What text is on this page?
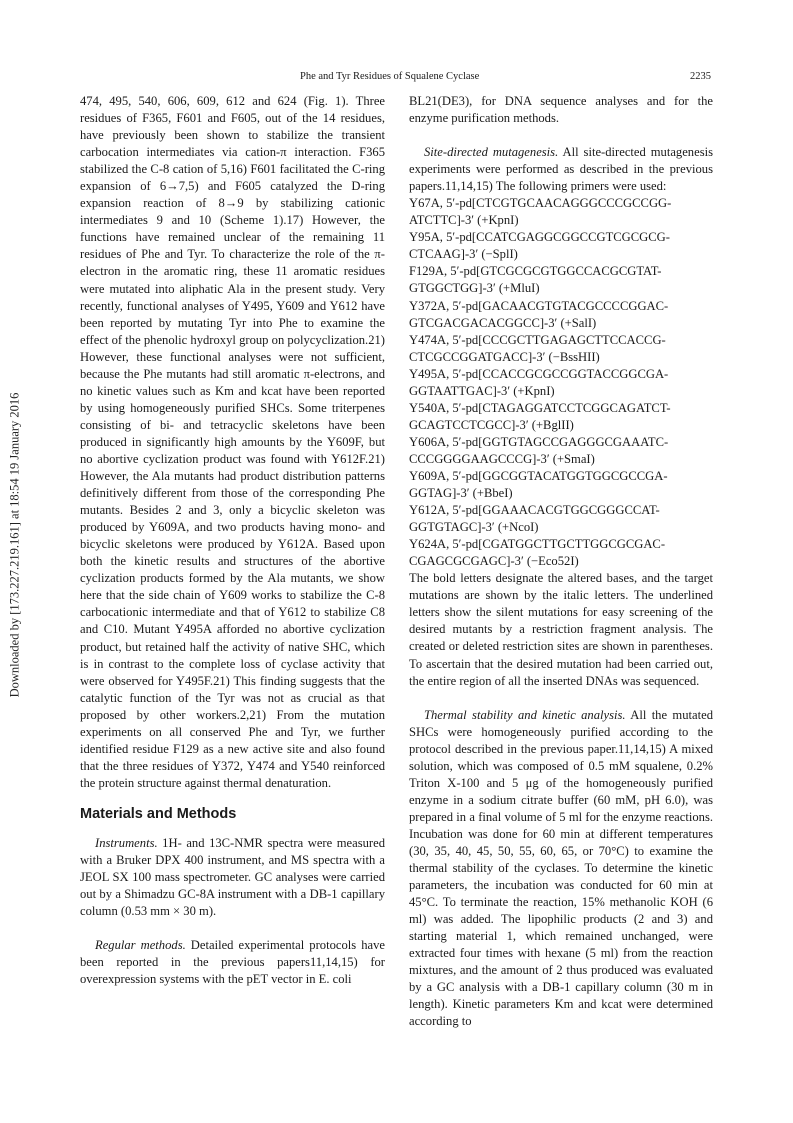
Phe and Tyr Residues of Squalene Cyclase	2235
Downloaded by [173.227.219.161] at 18:54 19 January 2016

474, 495, 540, 606, 609, 612 and 624 (Fig. 1). Three residues of F365, F601 and F605, out of the 14 residues, have previously been shown to stabilize the transient carbocation intermediates via cation-π interaction. F365 stabilized the C-8 cation of 5,16) F601 facilitated the C-ring expansion of 6→7,5) and F605 catalyzed the D-ring expansion reaction of 8→9 by stabilizing cationic intermediates 9 and 10 (Scheme 1).17) However, the functions have remained unclear of the remaining 11 residues of Phe and Tyr. To characterize the role of the π-electron in the aromatic ring, these 11 aromatic residues were mutated into aliphatic Ala in the present study. Very recently, functional analyses of Y495, Y609 and Y612 have been reported by mutating Tyr into Phe to examine the effect of the phenolic hydroxyl group on polycyclization.21) However, these functional analyses were not sufficient, because the Phe mutants had still aromatic π-electrons, and no kinetic values such as Km and kcat have been reported by using homogeneously purified SHCs. Some triterpenes consisting of bi- and tetracyclic skeletons have been produced in significantly high amounts by the Y609F, but no abortive cyclization product was found with Y612F.21) However, the Ala mutants had product distribution patterns definitively different from those of the corresponding Phe mutants. Besides 2 and 3, only a bicyclic skeleton was produced by Y609A, and two products having mono- and bicyclic skeletons were produced by Y612A. Based upon both the kinetic results and structures of the abortive cyclization products formed by the Ala mutants, we show here that the side chain of Y609 works to stabilize the C-8 carbocationic intermediate and that of Y612 to stabilize C8 and C10. Mutant Y495A afforded no abortive cyclization product, but retained half the activity of native SHC, which is in contrast to the complete loss of cyclase activity that were observed for Y495F.21) This finding suggests that the catalytic function of the Tyr was not as crucial as that proposed by other workers.2,21) From the mutation experiments on all conserved Phe and Tyr, we further identified residue F129 as a new active site and also found that the three residues of Y372, Y474 and Y540 reinforced the protein structure against thermal denaturation.

Materials and Methods

Instruments. 1H- and 13C-NMR spectra were measured with a Bruker DPX 400 instrument, and MS spectra with a JEOL SX 100 mass spectrometer. GC analyses were carried out by a Shimadzu GC-8A instrument with a DB-1 capillary column (0.53 mm × 30 m).

Regular methods. Detailed experimental protocols have been reported in the previous papers11,14,15) for overexpression systems with the pET vector in E. coli

BL21(DE3), for DNA sequence analyses and for the enzyme purification methods.

Site-directed mutagenesis. All site-directed mutagenesis experiments were performed as described in the previous papers.11,14,15) The following primers were used:

Y67A, 5′-pd[CTCGTGCAACAGGGCCCGCCGG-

ATCTTC]-3′ (+KpnI)

Y95A, 5′-pd[CCATCGAGGCGGCCGTCGCGCG-

CTCAAG]-3′ (−SplI)

F129A, 5′-pd[GTCGCGCGTGGCCACGCGTAT-

GTGGCTGG]-3′ (+MluI)

Y372A, 5′-pd[GACAACGTGTACGCCCCGGAC-

GTCGACGACACGGCC]-3′ (+SalI)

Y474A, 5′-pd[CCCGCTTGAGAGCTTCCACCG-

CTCGCCGGATGACC]-3′ (−BssHII)

Y495A, 5′-pd[CCACCGCGCCGGTACCGGCGA-

GGTAATTGAC]-3′ (+KpnI)

Y540A, 5′-pd[CTAGAGGATCCTCGGCAGATCT-

GCAGTCCTCGCC]-3′ (+BglII)

Y606A, 5′-pd[GGTGTAGCCGAGGGCGAAATC-

CCCGGGGAAGCCCG]-3′ (+SmaI)

Y609A, 5′-pd[GGCGGTACATGGTGGCGCCGA-

GGTAG]-3′ (+BbeI)

Y612A, 5′-pd[GGAAACACGTGGCGGGCCAT-

GGTGTAGC]-3′ (+NcoI)

Y624A, 5′-pd[CGATGGCTTGCTTGGCGCGAC-

CGAGCGCGAGC]-3′ (−Eco52I)

The bold letters designate the altered bases, and the target mutations are shown by the italic letters. The underlined letters show the silent mutations for easy screening of the desired mutants by a restriction fragment analysis. The created or deleted restriction sites are shown in parentheses. To ascertain that the desired mutation had been carried out, the entire region of all the inserted DNAs was sequenced.

Thermal stability and kinetic analysis. All the mutated SHCs were homogeneously purified according to the protocol described in the previous paper.11,14,15) A mixed solution, which was composed of 0.5 mM squalene, 0.2% Triton X-100 and 5 μg of the homogeneously purified enzyme in a sodium citrate buffer (60 mM, pH 6.0), was prepared in a final volume of 5 ml for the enzyme reactions. Incubation was done for 60 min at different temperatures (30, 35, 40, 45, 50, 55, 60, 65, or 70°C) to examine the thermal stability of the cyclases. To determine the kinetic parameters, the incubation was conducted for 60 min at 45°C. To terminate the reaction, 15% methanolic KOH (6 ml) was added. The lipophilic products (2 and 3) and starting material 1, which remained unchanged, were extracted four times with hexane (5 ml) from the reaction mixtures, and the amount of 2 thus produced was evaluated by a GC analysis with a DB-1 capillary column (30 m in length). Kinetic parameters Km and kcat were determined according to
